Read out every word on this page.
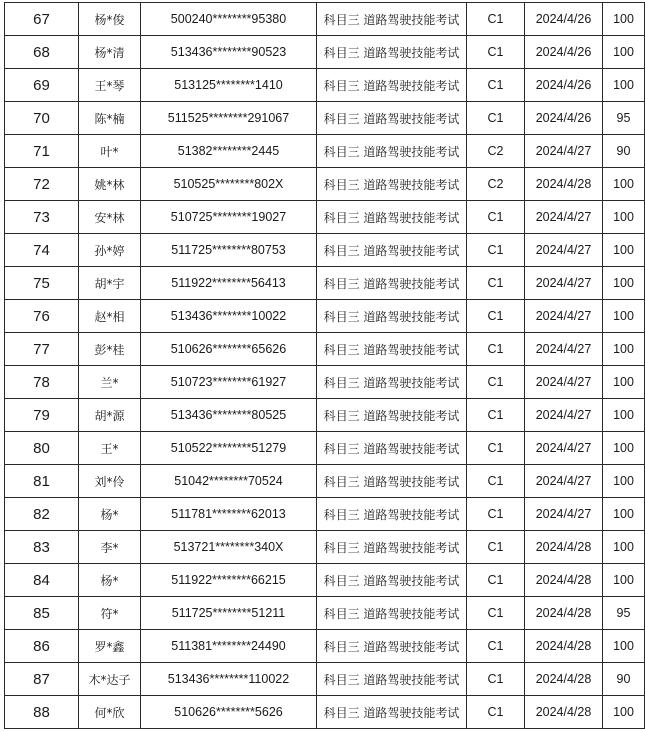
67	杨*俊	500240********95380	科目三 道路驾驶技能考试	C1	2024/4/26	100
68	杨*清	513436********90523	科目三 道路驾驶技能考试	C1	2024/4/26	100
69	王*琴	513125********1410	科目三 道路驾驶技能考试	C1	2024/4/26	100
70	陈*楠	511525********291067	科目三 道路驾驶技能考试	C1	2024/4/26	95
71	叶*	51382********2445	科目三 道路驾驶技能考试	C2	2024/4/27	90
72	姚*林	510525********802X	科目三 道路驾驶技能考试	C2	2024/4/28	100
73	安*林	510725********19027	科目三 道路驾驶技能考试	C1	2024/4/27	100
74	孙*婷	511725********80753	科目三 道路驾驶技能考试	C1	2024/4/27	100
75	胡*宇	511922********56413	科目三 道路驾驶技能考试	C1	2024/4/27	100
76	赵*相	513436********10022	科目三 道路驾驶技能考试	C1	2024/4/27	100
77	彭*桂	510626********65626	科目三 道路驾驶技能考试	C1	2024/4/27	100
78	兰*	510723********61927	科目三 道路驾驶技能考试	C1	2024/4/27	100
79	胡*源	513436********80525	科目三 道路驾驶技能考试	C1	2024/4/27	100
80	王*	510522********51279	科目三 道路驾驶技能考试	C1	2024/4/27	100
81	刘*伶	51042********70524	科目三 道路驾驶技能考试	C1	2024/4/27	100
82	杨*	511781********62013	科目三 道路驾驶技能考试	C1	2024/4/27	100
83	李*	513721********340X	科目三 道路驾驶技能考试	C1	2024/4/28	100
84	杨*	511922********66215	科目三 道路驾驶技能考试	C1	2024/4/28	100
85	符*	511725********51211	科目三 道路驾驶技能考试	C1	2024/4/28	95
86	罗*鑫	511381********24490	科目三 道路驾驶技能考试	C1	2024/4/28	100
87	木*达子	513436********110022	科目三 道路驾驶技能考试	C1	2024/4/28	90
88	何*欣	510626********5626	科目三 道路驾驶技能考试	C1	2024/4/28	100
